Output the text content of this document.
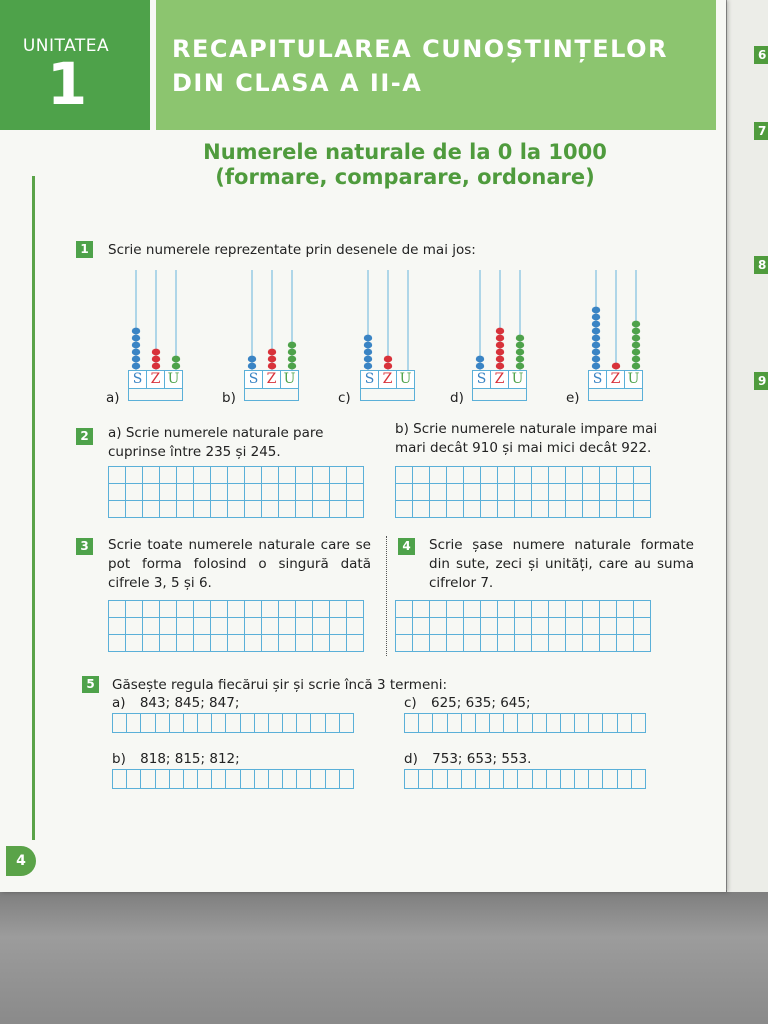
6
7
8
9
UNITATEA
1
RECAPITULAREA CUNOȘTINȚELOR
DIN CLASA A II-A
Numerele naturale de la 0 la 1000
(formare, comparare, ordonare)
4
1	Scrie numerele reprezentate prin desenele de mai jos:
2	a) Scrie numerele naturale pare cuprinse între 235 și 245.
b) Scrie numerele naturale impare mai mari decât 910 și mai mici decât 922.
3	Scrie toate numerele naturale care se pot forma folosind o singură dată cifrele 3, 5 și 6.
4	Scrie șase numere naturale formate din sute, zeci și unități, care au suma cifrelor 7.
5	Găsește regula fiecărui șir și scrie încă 3 termeni:
a) 843; 845; 847;	c) 625; 635; 645;
b) 818; 815; 812;	d) 753; 653; 553.
S Z U
a)
S Z U
b)
S Z U
c)
S Z U
d)
S Z U
e)
